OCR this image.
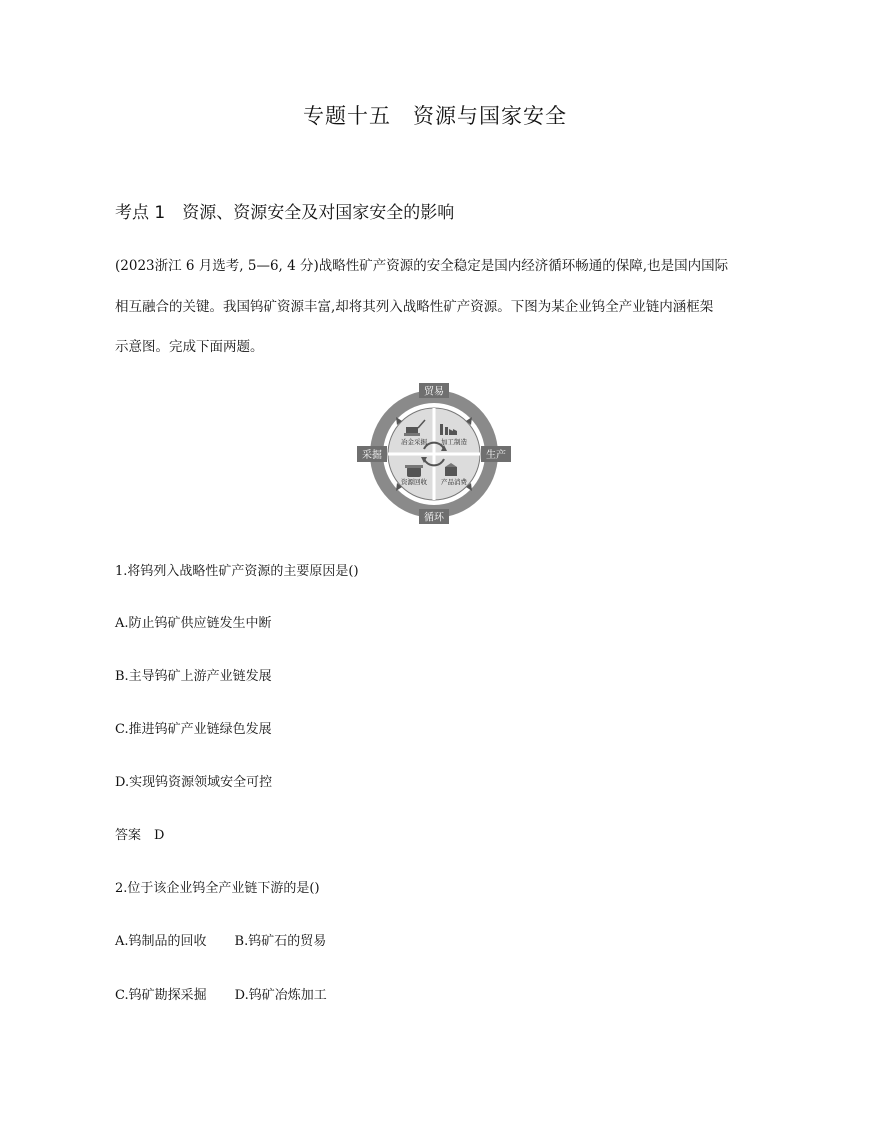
专题十五　资源与国家安全
考点 1　资源、资源安全及对国家安全的影响
(2023浙江 6 月选考, 5—6, 4 分)战略性矿产资源的安全稳定是国内经济循环畅通的保障,也是国内国际
相互融合的关键。我国钨矿资源丰富,却将其列入战略性矿产资源。下图为某企业钨全产业链内涵框架
示意图。完成下面两题。
冶金采掘 加工制造
资源回收 产品消费
贸易
采掘	生产
循环
1.将钨列入战略性矿产资源的主要原因是()
A.防止钨矿供应链发生中断
B.主导钨矿上游产业链发展
C.推进钨矿产业链绿色发展
D.实现钨资源领域安全可控
答案　D
2.位于该企业钨全产业链下游的是()
A.钨制品的回收 B.钨矿石的贸易
C.钨矿勘探采掘 D.钨矿冶炼加工
